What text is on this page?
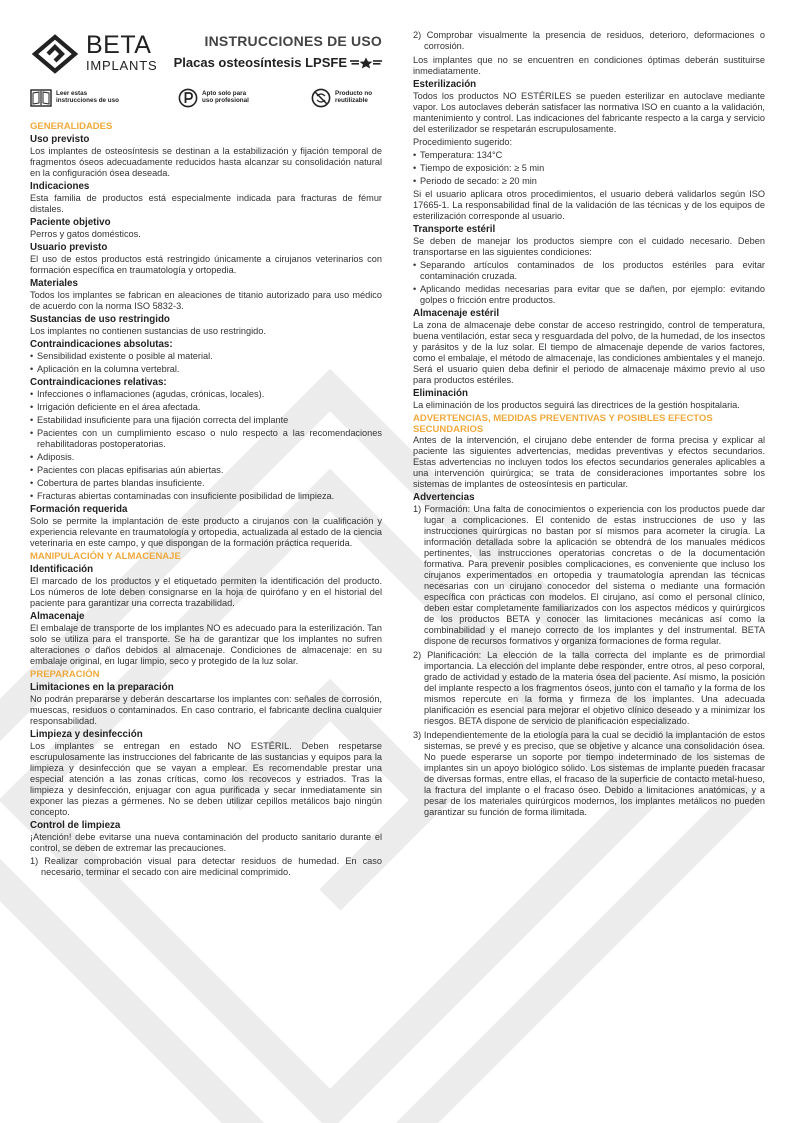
BETA
IMPLANTS
Leer estas
instrucciones de uso
Apto solo para
uso profesional
Producto no
reutilizable
GENERALIDADES
Uso previsto

Los implantes de osteosíntesis se destinan a la estabilización y fijación temporal de fragmentos óseos adecuadamente reducidos hasta alcanzar su consolidación natural en la configuración ósea deseada.

Indicaciones

Esta familia de productos está especialmente indicada para fracturas de fémur distales.

Paciente objetivo

Perros y gatos domésticos.

Usuario previsto

El uso de estos productos está restringido únicamente a cirujanos veterinarios con formación específica en traumatología y ortopedia.

Materiales

Todos los implantes se fabrican en aleaciones de titanio autorizado para uso médico de acuerdo con la norma ISO 5832-3.

Sustancias de uso restringido

Los implantes no contienen sustancias de uso restringido.

Contraindicaciones absolutas:
• Sensibilidad existente o posible al material.
• Aplicación en la columna vertebral.
Contraindicaciones relativas:
• Infecciones o inflamaciones (agudas, crónicas, locales).
• Irrigación deficiente en el área afectada.
• Estabilidad insuficiente para una fijación correcta del implante
• Pacientes con un cumplimiento escaso o nulo respecto a las recomendaciones rehabilitadoras postoperatorias.
• Adiposis.
• Pacientes con placas epifisarias aún abiertas.
• Cobertura de partes blandas insuficiente.
• Fracturas abiertas contaminadas con insuficiente posibilidad de limpieza.
Formación requerida

Solo se permite la implantación de este producto a cirujanos con la cualificación y experiencia relevante en traumatología y ortopedia, actualizada al estado de la ciencia veterinaria en este campo, y que dispongan de la formación práctica requerida.

MANIPULACIÓN Y ALMACENAJE
Identificación

El marcado de los productos y el etiquetado permiten la identificación del producto. Los números de lote deben consignarse en la hoja de quirófano y en el historial del paciente para garantizar una correcta trazabilidad.

Almacenaje

El embalaje de transporte de los implantes NO es adecuado para la esterilización. Tan solo se utiliza para el transporte. Se ha de garantizar que los implantes no sufren alteraciones o daños debidos al almacenaje. Condiciones de almacenaje: en su embalaje original, en lugar limpio, seco y protegido de la luz solar.

PREPARACIÓN
Limitaciones en la preparación

No podrán prepararse y deberán descartarse los implantes con: señales de corrosión, muescas, residuos o contaminados. En caso contrario, el fabricante declina cualquier responsabilidad.

Limpieza y desinfección

Los implantes se entregan en estado NO ESTÉRIL. Deben respetarse escrupulosamente las instrucciones del fabricante de las sustancias y equipos para la limpieza y desinfección que se vayan a emplear. Es recomendable prestar una especial atención a las zonas críticas, como los recovecos y estriados. Tras la limpieza y desinfección, enjuagar con agua purificada y secar inmediatamente sin exponer las piezas a gérmenes. No se deben utilizar cepillos metálicos bajo ningún concepto.

Control de limpieza

¡Atención! debe evitarse una nueva contaminación del producto sanitario durante el control, se deben de extremar las precauciones.

1) Realizar comprobación visual para detectar residuos de humedad. En caso necesario, terminar el secado con aire medicinal comprimido.
INSTRUCCIONES DE USO
Placas osteosíntesis LPSFE
2) Comprobar visualmente la presencia de residuos, deterioro, deformaciones o corrosión.

Los implantes que no se encuentren en condiciones óptimas deberán sustituirse inmediatamente.

Esterilización

Todos los productos NO ESTÉRILES se pueden esterilizar en autoclave mediante vapor. Los autoclaves deberán satisfacer las normativa ISO en cuanto a la validación, mantenimiento y control. Las indicaciones del fabricante respecto a la carga y servicio del esterilizador se respetarán escrupulosamente.

Procedimiento sugerido:

• Temperatura: 134°C
• Tiempo de exposición: ≥ 5 min
• Periodo de secado: ≥ 20 min

Si el usuario aplicara otros procedimientos, el usuario deberá validarlos según ISO 17665-1. La responsabilidad final de la validación de las técnicas y de los equipos de esterilización corresponde al usuario.

Transporte estéril

Se deben de manejar los productos siempre con el cuidado necesario. Deben transportarse en las siguientes condiciones:

• Separando artículos contaminados de los productos estériles para evitar contaminación cruzada.
• Aplicando medidas necesarias para evitar que se dañen, por ejemplo: evitando golpes o fricción entre productos.
Almacenaje estéril

La zona de almacenaje debe constar de acceso restringido, control de temperatura, buena ventilación, estar seca y resguardada del polvo, de la humedad, de los insectos y parásitos y de la luz solar. El tiempo de almacenaje depende de varios factores, como el embalaje, el método de almacenaje, las condiciones ambientales y el manejo. Será el usuario quien deba definir el periodo de almacenaje máximo previo al uso para productos estériles.

Eliminación

La eliminación de los productos seguirá las directrices de la gestión hospitalaria.

ADVERTENCIAS, MEDIDAS PREVENTIVAS Y POSIBLES EFECTOS SECUNDARIOS

Antes de la intervención, el cirujano debe entender de forma precisa y explicar al paciente las siguientes advertencias, medidas preventivas y efectos secundarios. Estas advertencias no incluyen todos los efectos secundarios generales aplicables a una intervención quirúrgica; se trata de consideraciones importantes sobre los sistemas de implantes de osteosíntesis en particular.

Advertencias
1) Formación: Una falta de conocimientos o experiencia con los productos puede dar lugar a complicaciones. El contenido de estas instrucciones de uso y las instrucciones quirúrgicas no bastan por sí mismos para acometer la cirugía. La información detallada sobre la aplicación se obtendrá de los manuales médicos pertinentes, las instrucciones operatorias concretas o de la documentación formativa. Para prevenir posibles complicaciones, es conveniente que incluso los cirujanos experimentados en ortopedia y traumatología aprendan las técnicas necesarias con un cirujano conocedor del sistema o mediante una formación específica con prácticas con modelos. El cirujano, así como el personal clínico, deben estar completamente familiarizados con los aspectos médicos y quirúrgicos de los productos BETA y conocer las limitaciones mecánicas así como la combinabilidad y el manejo correcto de los implantes y del instrumental. BETA dispone de recursos formativos y organiza formaciones de forma regular.
2) Planificación: La elección de la talla correcta del implante es de primordial importancia. La elección del implante debe responder, entre otros, al peso corporal, grado de actividad y estado de la materia ósea del paciente. Así mismo, la posición del implante respecto a los fragmentos óseos, junto con el tamaño y la forma de los mismos repercute en la forma y firmeza de los implantes. Una adecuada planificación es esencial para mejorar el objetivo clínico deseado y a minimizar los riesgos. BETA dispone de servicio de planificación especializado.
3) Independientemente de la etiología para la cual se decidió la implantación de estos sistemas, se prevé y es preciso, que se objetive y alcance una consolidación ósea. No puede esperarse un soporte por tiempo indeterminado de los sistemas de implantes sin un apoyo biológico sólido. Los sistemas de implante pueden fracasar de diversas formas, entre ellas, el fracaso de la superficie de contacto metal-hueso, la fractura del implante o el fracaso óseo. Debido a limitaciones anatómicas, y a pesar de los materiales quirúrgicos modernos, los implantes metálicos no pueden garantizar su función de forma ilimitada.
